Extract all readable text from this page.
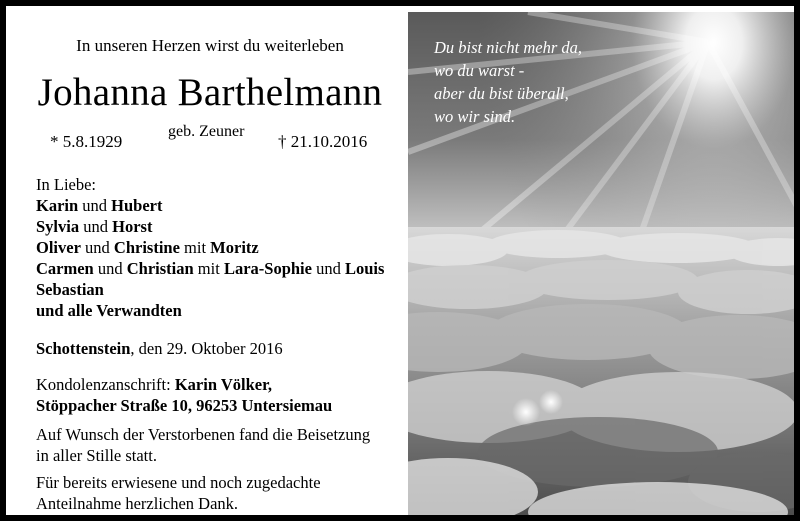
In unseren Herzen wirst du weiterleben
Johanna Barthelmann
* 5.8.1929
geb. Zeuner
† 21.10.2016
In Liebe:
Karin und Hubert
Sylvia und Horst
Oliver und Christine mit Moritz
Carmen und Christian mit Lara-Sophie und Louis
Sebastian
und alle Verwandten
Schottenstein, den 29. Oktober 2016
Kondolenzanschrift: Karin Völker,
Stöppacher Straße 10, 96253 Untersiemau
Auf Wunsch der Verstorbenen fand die Beisetzung
in aller Stille statt.
Für bereits erwiesene und noch zugedachte
Anteilnahme herzlichen Dank.
Du bist nicht mehr da,
wo du warst -
aber du bist überall,
wo wir sind.
